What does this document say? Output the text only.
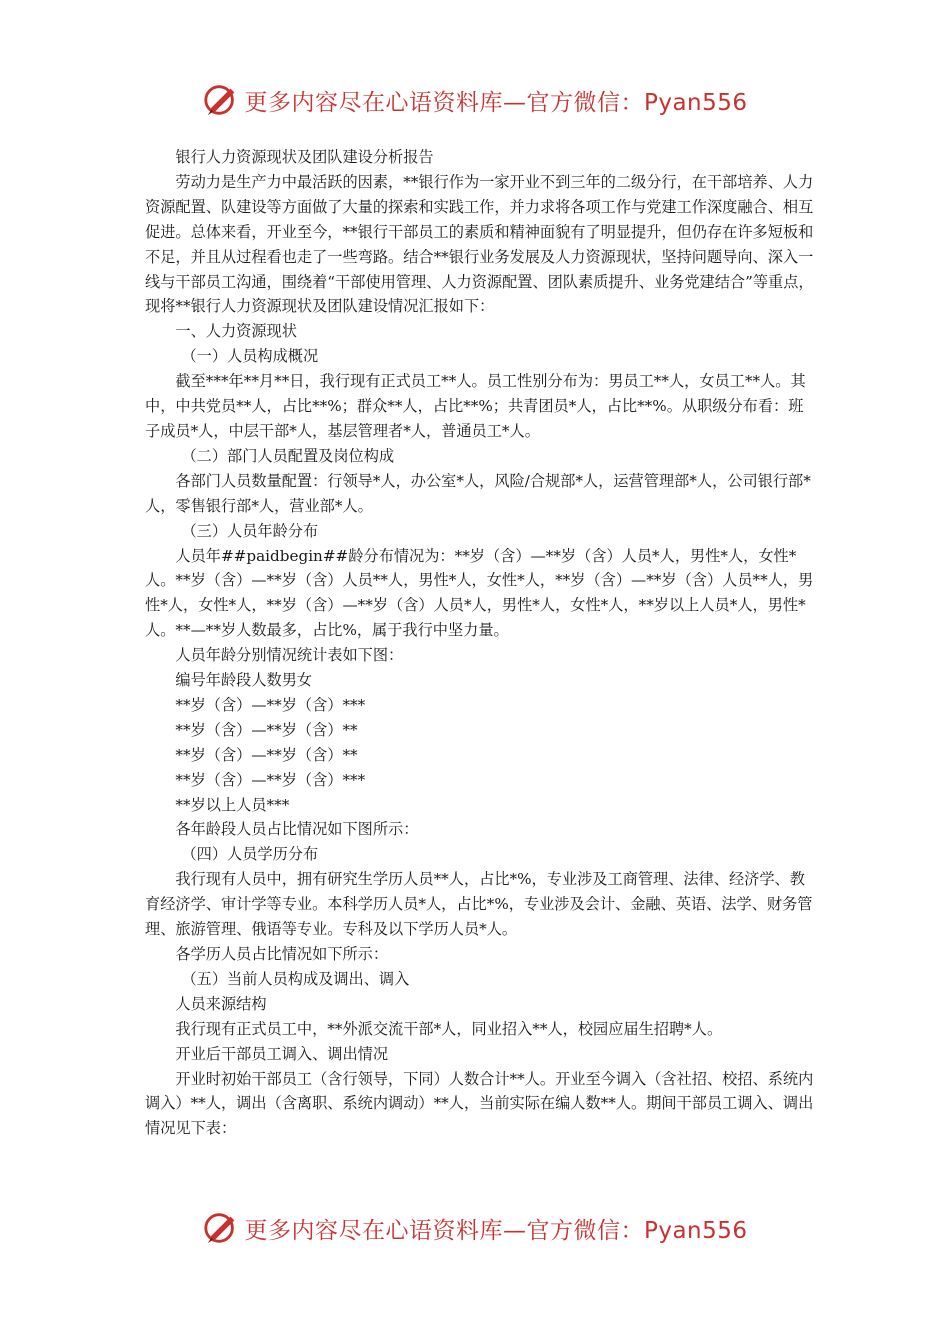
更多内容尽在心语资料库—官方微信：Pyan556

银行人力资源现状及团队建设分析报告

劳动力是生产力中最活跃的因素，**银行作为一家开业不到三年的二级分行，在干部培养、人力资源配置、队建设等方面做了大量的探索和实践工作，并力求将各项工作与党建工作深度融合、相互促进。总体来看，开业至今，**银行干部员工的素质和精神面貌有了明显提升，但仍存在许多短板和不足，并且从过程看也走了一些弯路。结合**银行业务发展及人力资源现状，坚持问题导向、深入一线与干部员工沟通，围绕着“干部使用管理、人力资源配置、团队素质提升、业务党建结合”等重点，现将**银行人力资源现状及团队建设情况汇报如下：

一、人力资源现状

（一）人员构成概况

截至***年**月**日，我行现有正式员工**人。员工性别分布为：男员工**人，女员工**人。其中，中共党员**人，占比**%；群众**人，占比**%；共青团员*人，占比**%。从职级分布看：班子成员*人，中层干部*人，基层管理者*人，普通员工*人。

（二）部门人员配置及岗位构成

各部门人员数量配置：行领导*人，办公室*人，风险/合规部*人，运营管理部*人，公司银行部*人，零售银行部*人，营业部*人。

（三）人员年龄分布

人员年##paidbegin##龄分布情况为：**岁（含）—**岁（含）人员*人，男性*人，女性*人。**岁（含）—**岁（含）人员**人，男性*人，女性*人，**岁（含）—**岁（含）人员**人，男性*人，女性*人，**岁（含）—**岁（含）人员*人，男性*人，女性*人，**岁以上人员*人，男性*人。**—**岁人数最多，占比%，属于我行中坚力量。

人员年龄分别情况统计表如下图：

编号年龄段人数男女

**岁（含）—**岁（含）***

**岁（含）—**岁（含）**

**岁（含）—**岁（含）**

**岁（含）—**岁（含）***

**岁以上人员***

各年龄段人员占比情况如下图所示：

（四）人员学历分布

我行现有人员中，拥有研究生学历人员**人，占比*%，专业涉及工商管理、法律、经济学、教育经济学、审计学等专业。本科学历人员*人，占比*%，专业涉及会计、金融、英语、法学、财务管理、旅游管理、俄语等专业。专科及以下学历人员*人。

各学历人员占比情况如下所示：

（五）当前人员构成及调出、调入

人员来源结构

我行现有正式员工中，**外派交流干部*人，同业招入**人，校园应届生招聘*人。

开业后干部员工调入、调出情况

开业时初始干部员工（含行领导，下同）人数合计**人。开业至今调入（含社招、校招、系统内调入）**人，调出（含离职、系统内调动）**人，当前实际在编人数**人。期间干部员工调入、调出情况见下表：

更多内容尽在心语资料库—官方微信：Pyan556
